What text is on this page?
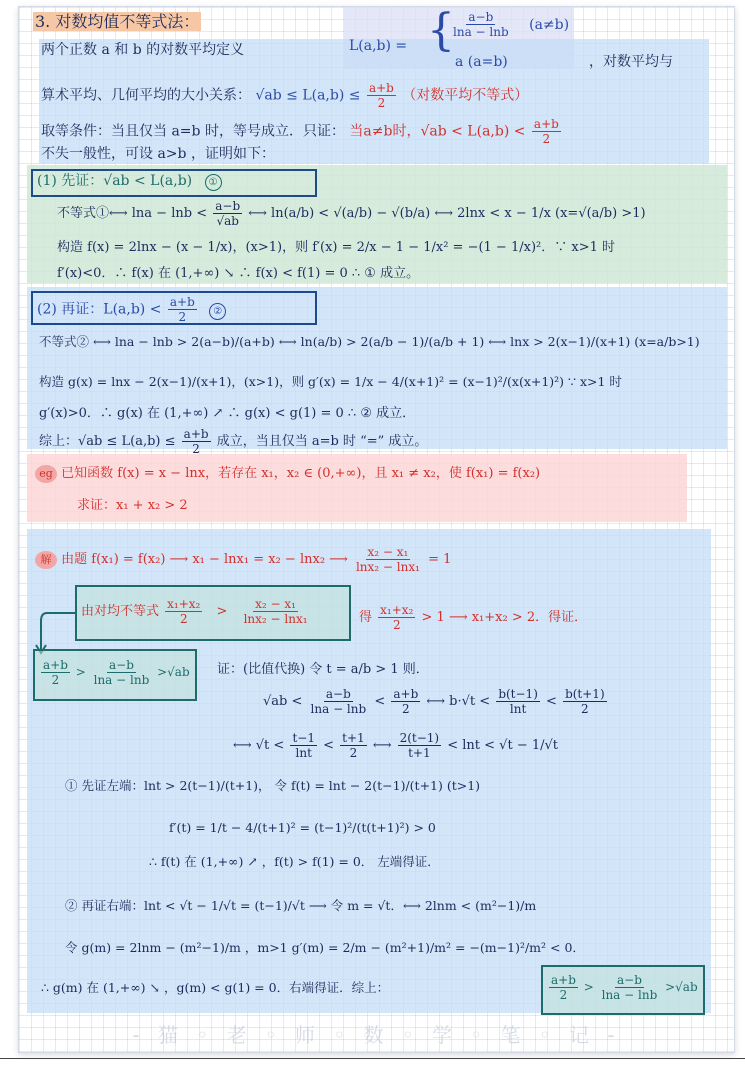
3. 对数均值不等式法：
两个正数 a 和 b 的对数平均定义	L(a,b) = {
$\frac{a-b}{\ln a - \ln b} (a\ne b)$
a (a=b)	，对数平均与
算术平均、几何平均的大小关系： $√ab \le L(a,b) \le \frac{a+b}{2}$ （对数平均不等式）
取等条件：当且仅当 a=b 时，等号成立．只证： 当a≠b时，$√ab < L(a,b) < \frac{a+b}{2}$
不失一般性，可设 a>b ，证明如下：
(1) 先证：√ab < L(a,b) ①
不等式①⟷ $\ln a - \ln b < \frac{a-b}{√ab}$ ⟷ ln(a/b) < √(a/b) − √(b/a) ⟷ 2lnx < x − 1/x (x=√(a/b) >1)
构造 f(x) = 2lnx − (x − 1/x)，(x>1)，则 f′(x) = 2/x − 1 − 1/x² = −(1 − 1/x)²．∵ x>1 时
f′(x)<0．∴ f(x) 在 (1,+∞) ↘ ∴ f(x) < f(1) = 0 ∴ ① 成立。
(2) 再证：$L(a,b) < \frac{a+b}{2}$ ②
不等式② ⟷ lna − lnb > 2(a−b)/(a+b) ⟷ ln(a/b) > 2(a/b − 1)/(a/b + 1) ⟷ lnx > 2(x−1)/(x+1) (x=a/b>1)
构造 g(x) = lnx − 2(x−1)/(x+1)，(x>1)，则 g′(x) = 1/x − 4/(x+1)² = (x−1)²/(x(x+1)²) ∵ x>1 时
g′(x)>0．∴ g(x) 在 (1,+∞) ↗ ∴ g(x) < g(1) = 0 ∴ ② 成立．
综上：$√ab \le L(a,b) \le \frac{a+b}{2}$ 成立，当且仅当 a=b 时 “=” 成立。
eg 已知函数 f(x) = x − lnx，若存在 x₁，x₂ ∈ (0,+∞)，且 x₁ ≠ x₂，使 f(x₁) = f(x₂)
求证：x₁ + x₂ > 2
解 由题 f(x₁) = f(x₂) ⟶ x₁ − lnx₁ = x₂ − lnx₂ ⟶ $\frac{\text{x₂ − x₁}}{\text{lnx₂ − lnx₁}} = 1$
由对均不等式 $\frac{\text{x₁+x₂}}{2} > \frac{\text{x₂ − x₁}}{\text{lnx₂ − lnx₁}}$	得 $\frac{\text{x₁+x₂}}{2} > 1$ ⟶ x₁+x₂ > 2．得证．
$\frac{a+b}{2} > \frac{a-b}{\ln a - \ln b} >√ab$ 证：(比值代换) 令 t = a/b > 1 则．
$√ab < \frac{a-b}{\ln a - \ln b} < \frac{a+b}{2}$ ⟷ $b\cdot√t < \frac{b(t-1)}{\ln t} < \frac{b(t+1)}{2}$
⟷ $√t < \frac{t-1}{\ln t} < \frac{t+1}{2}$ ⟷ $\frac{2(t-1)}{t+1} < \ln t < √t - 1/√t$
① 先证左端：lnt > 2(t−1)/(t+1)， 令 f(t) = lnt − 2(t−1)/(t+1) (t>1)
f′(t) = 1/t − 4/(t+1)² = (t−1)²/(t(t+1)²) > 0
∴ f(t) 在 (1,+∞) ↗ ，f(t) > f(1) = 0． 左端得证．
② 再证右端：lnt < √t − 1/√t = (t−1)/√t ⟶ 令 m = √t．⟷ 2lnm < (m²−1)/m
令 g(m) = 2lnm − (m²−1)/m ，m>1 g′(m) = 2/m − (m²+1)/m² = −(m−1)²/m² < 0．
∴ g(m) 在 (1,+∞) ↘ ，g(m) < g(1) = 0．右端得证．综上：	$\frac{a+b}{2} > \frac{a-b}{\ln a - \ln b} >√ab$
- 猫 ◦ 老 ◦ 师 ◦ 数 ◦ 学 ◦ 笔 ◦ 记 -
